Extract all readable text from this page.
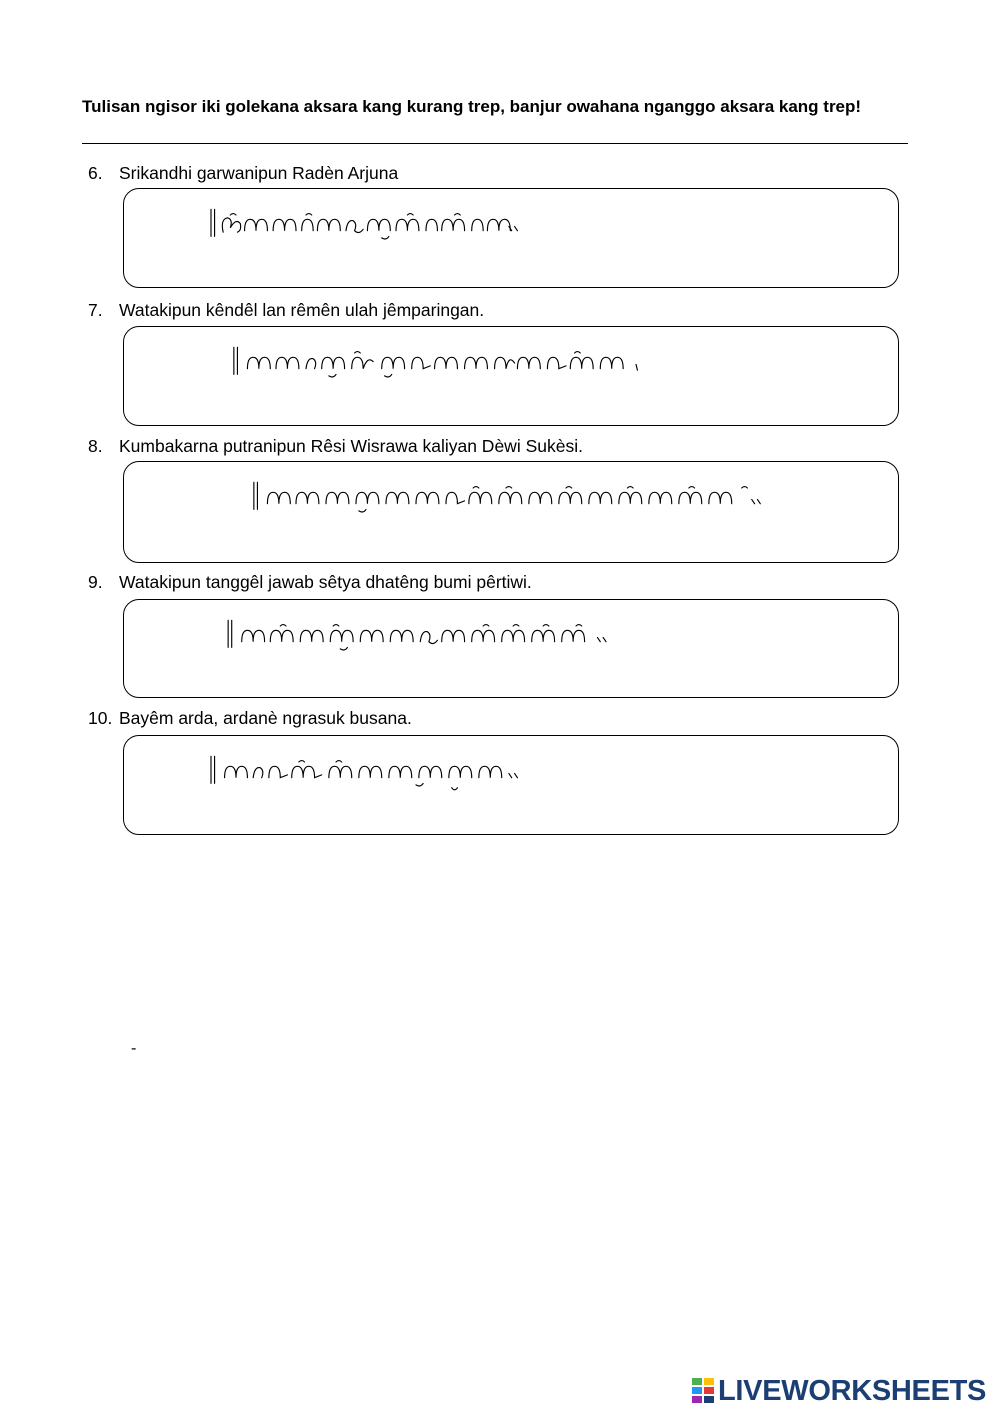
Tulisan ngisor iki golekana aksara kang kurang trep, banjur owahana nganggo aksara kang trep!
6. Srikandhi garwanipun Radèn Arjuna
7. Watakipun kêndêl lan rêmên ulah jêmparingan.
8. Kumbakarna putranipun Rêsi Wisrawa kaliyan Dèwi Sukèsi.
9. Watakipun tanggêl jawab sêtya dhatêng bumi pêrtiwi.
10. Bayêm arda, ardanè ngrasuk busana.
-
LIVEWORKSHEETS
